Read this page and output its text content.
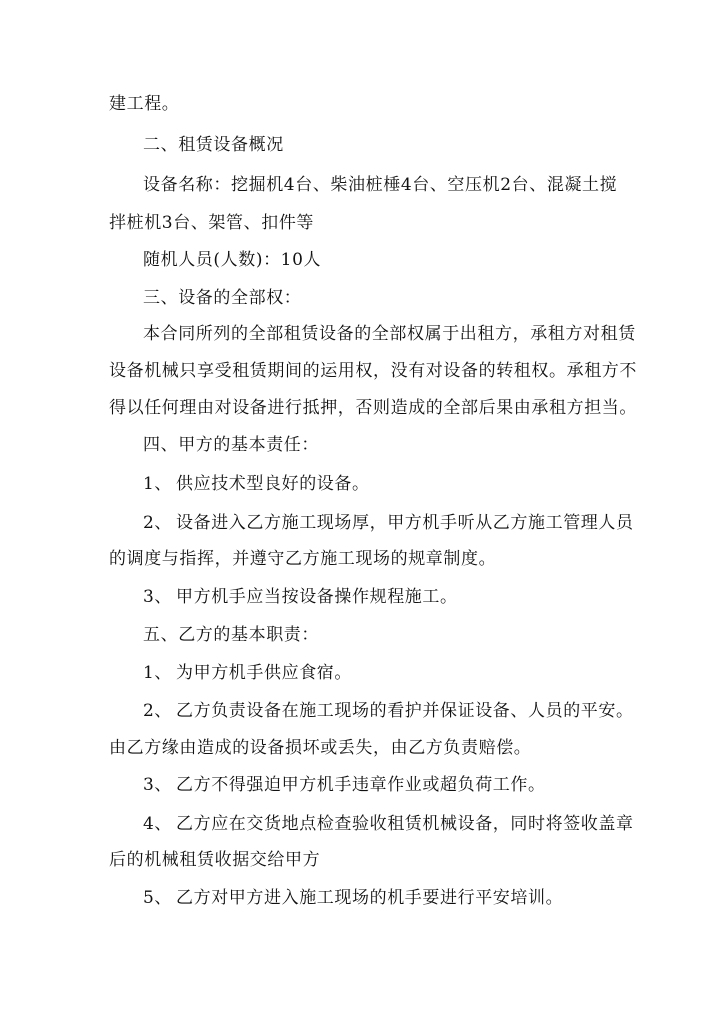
建工程。
二、租赁设备概况
设备名称：挖掘机4台、柴油桩棰4台、空压机2台、混凝土搅
拌桩机3台、架管、扣件等
随机人员(人数)：10人
三、设备的全部权：
本合同所列的全部租赁设备的全部权属于出租方，承租方对租赁
设备机械只享受租赁期间的运用权，没有对设备的转租权。承租方不
得以任何理由对设备进行抵押，否则造成的全部后果由承租方担当。
四、甲方的基本责任：
1、 供应技术型良好的设备。
2、 设备进入乙方施工现场厚，甲方机手听从乙方施工管理人员
的调度与指挥，并遵守乙方施工现场的规章制度。
3、 甲方机手应当按设备操作规程施工。
五、乙方的基本职责：
1、 为甲方机手供应食宿。
2、 乙方负责设备在施工现场的看护并保证设备、人员的平安。
由乙方缘由造成的设备损坏或丢失，由乙方负责赔偿。
3、 乙方不得强迫甲方机手违章作业或超负荷工作。
4、 乙方应在交货地点检查验收租赁机械设备，同时将签收盖章
后的机械租赁收据交给甲方
5、 乙方对甲方进入施工现场的机手要进行平安培训。
